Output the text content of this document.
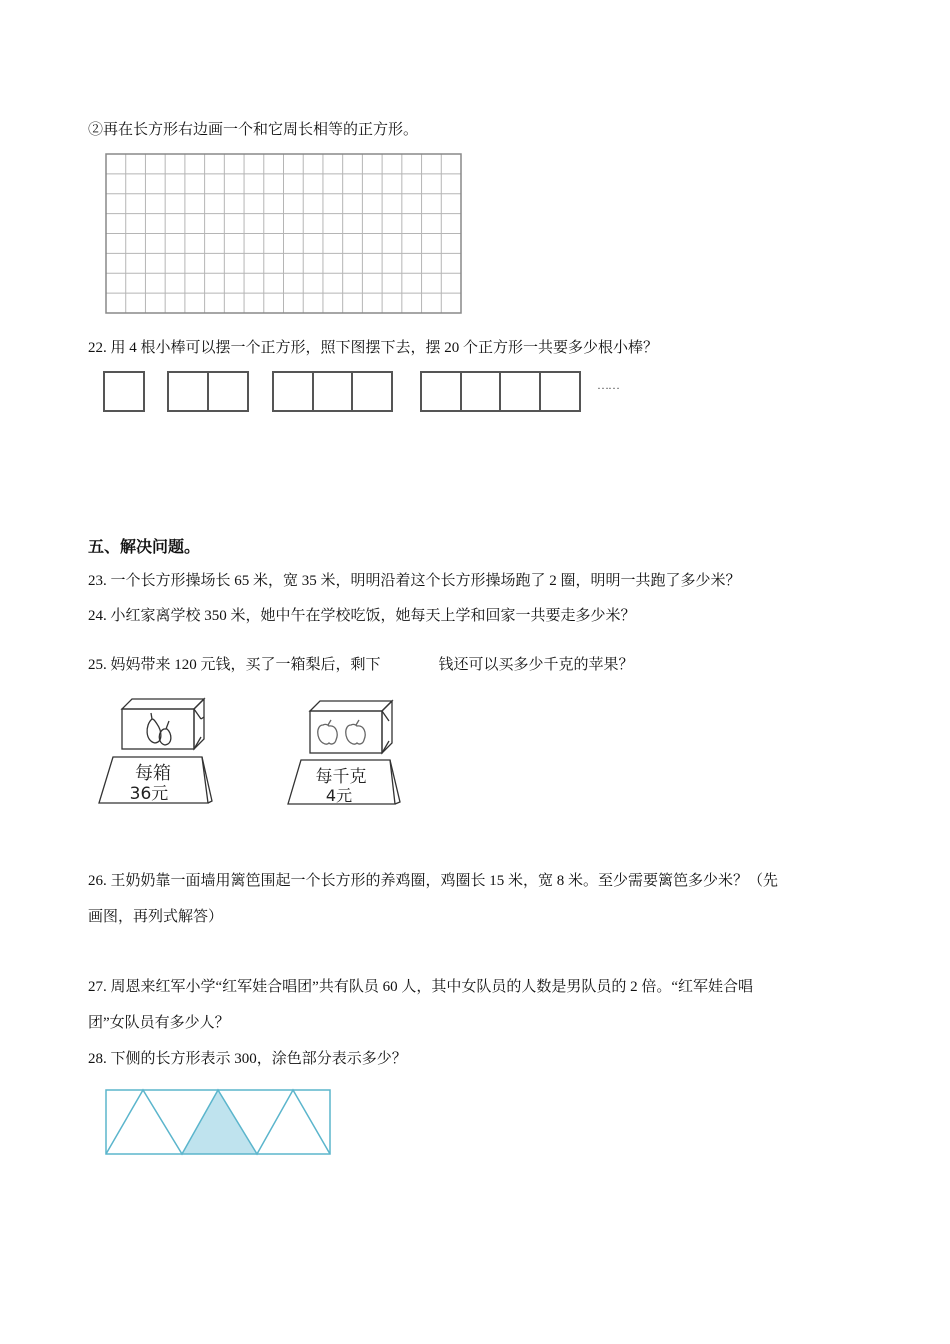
②再在长方形右边画一个和它周长相等的正方形。
22. 用 4 根小棒可以摆一个正方形，照下图摆下去，摆 20 个正方形一共要多少根小棒？
……
五、解决问题。
23. 一个长方形操场长 65 米，宽 35 米，明明沿着这个长方形操场跑了 2 圈，明明一共跑了多少米？
24. 小红家离学校 350 米，她中午在学校吃饭，她每天上学和回家一共要走多少米？
25. 妈妈带来 120 元钱，买了一箱梨后，剩下	钱还可以买多少千克的苹果？
每箱
36元
每千克
4元
26. 王奶奶靠一面墙用篱笆围起一个长方形的养鸡圈，鸡圈长 15 米，宽 8 米。至少需要篱笆多少米？（先
画图，再列式解答）
27. 周恩来红军小学“红军娃合唱团”共有队员 60 人，其中女队员的人数是男队员的 2 倍。“红军娃合唱
团”女队员有多少人？
28. 下侧的长方形表示 300，涂色部分表示多少？
